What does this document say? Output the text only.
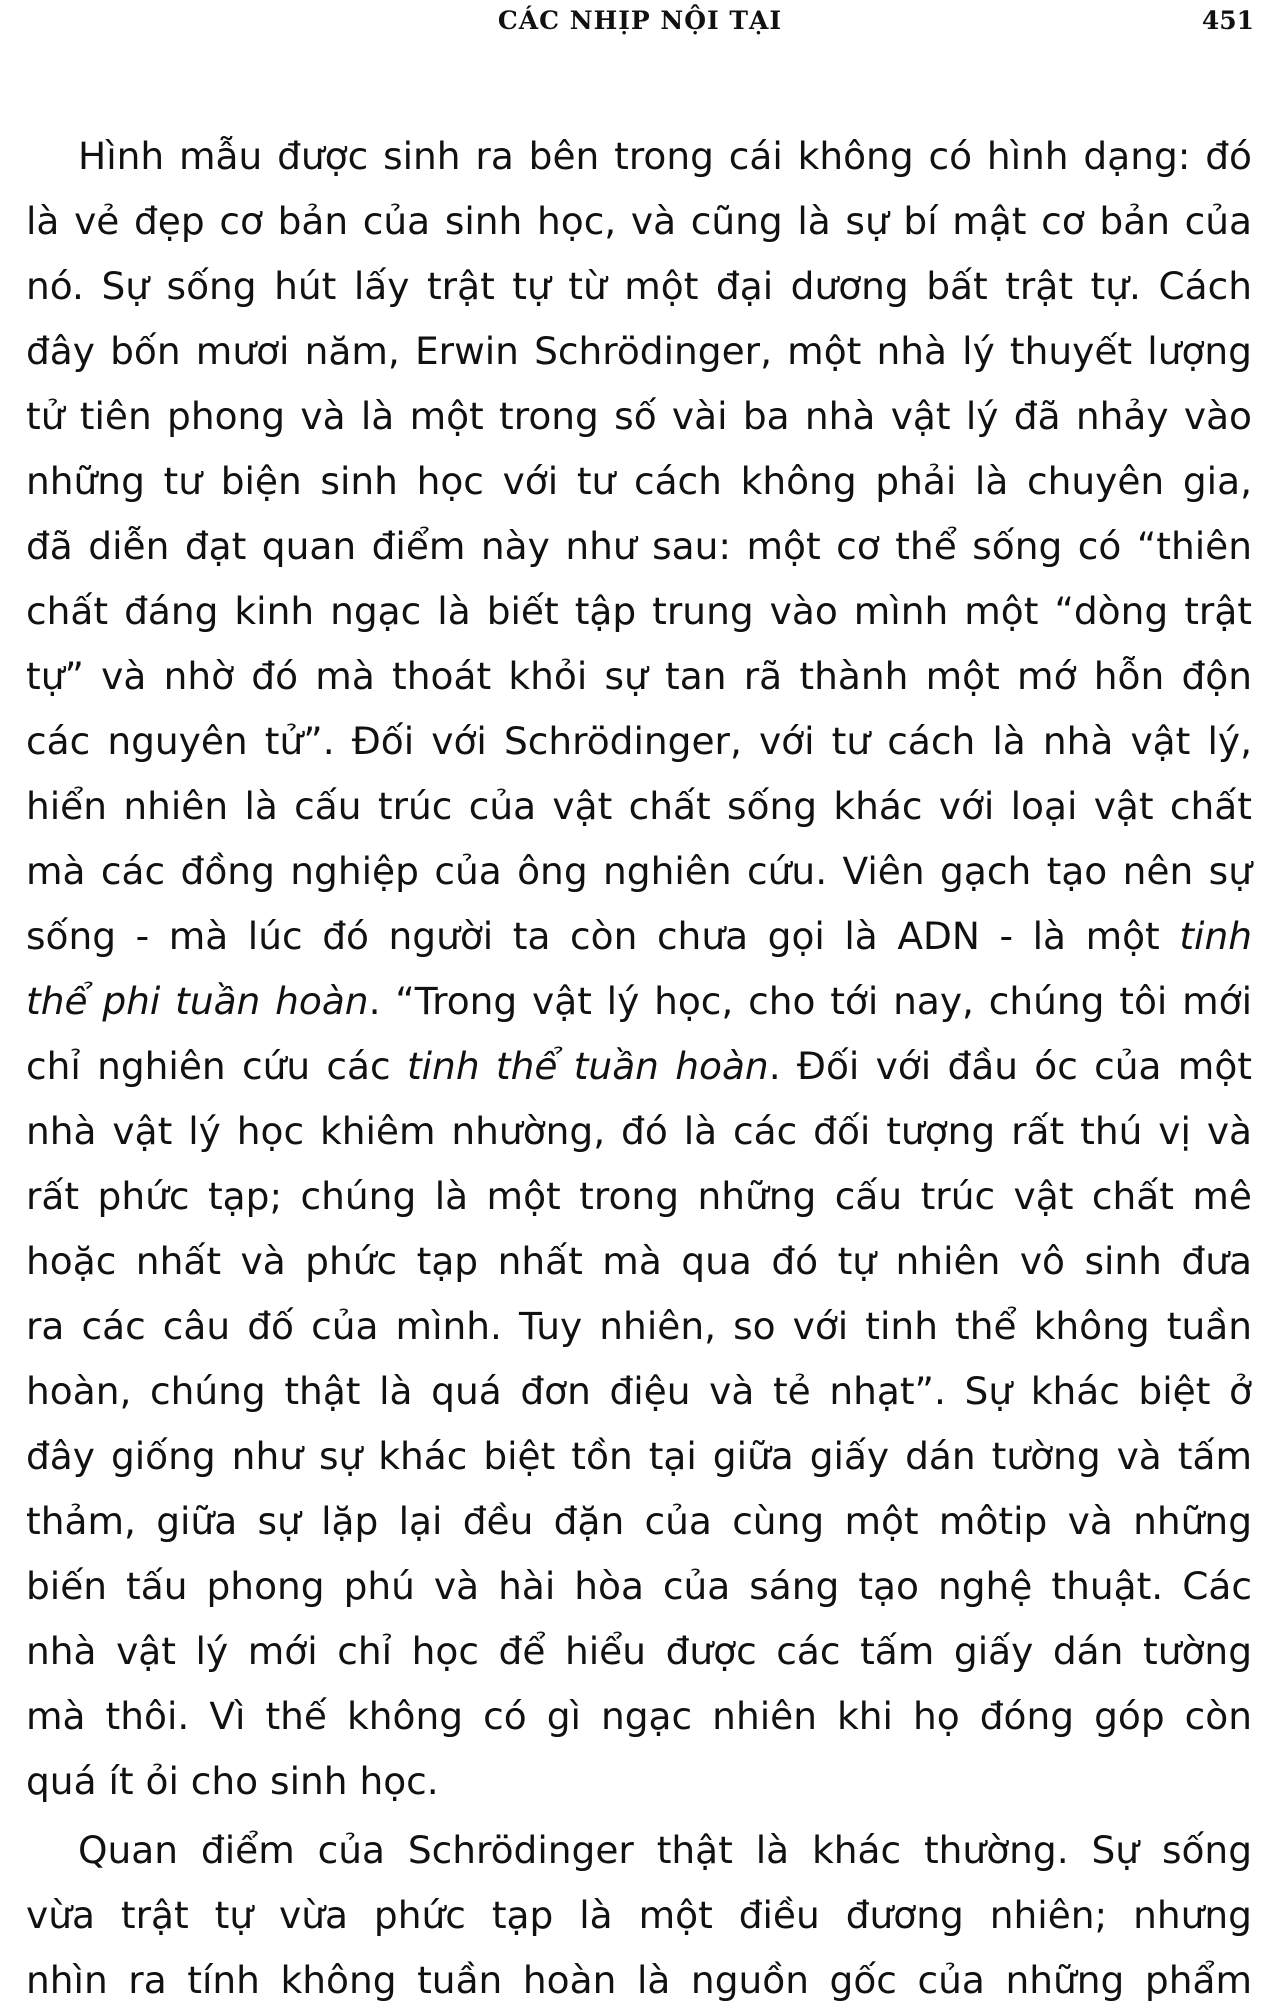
CÁC NHỊP NỘI TẠI	451
Hình mẫu được sinh ra bên trong cái không có hình dạng: đó
là vẻ đẹp cơ bản của sinh học, và cũng là sự bí mật cơ bản của
nó. Sự sống hút lấy trật tự từ một đại dương bất trật tự. Cách
đây bốn mươi năm, Erwin Schrödinger, một nhà lý thuyết lượng
tử tiên phong và là một trong số vài ba nhà vật lý đã nhảy vào
những tư biện sinh học với tư cách không phải là chuyên gia,
đã diễn đạt quan điểm này như sau: một cơ thể sống có “thiên
chất đáng kinh ngạc là biết tập trung vào mình một “dòng trật
tự” và nhờ đó mà thoát khỏi sự tan rã thành một mớ hỗn độn
các nguyên tử”. Đối với Schrödinger, với tư cách là nhà vật lý,
hiển nhiên là cấu trúc của vật chất sống khác với loại vật chất
mà các đồng nghiệp của ông nghiên cứu. Viên gạch tạo nên sự
sống - mà lúc đó người ta còn chưa gọi là ADN - là một tinh
thể phi tuần hoàn. “Trong vật lý học, cho tới nay, chúng tôi mới
chỉ nghiên cứu các tinh thể tuần hoàn. Đối với đầu óc của một
nhà vật lý học khiêm nhường, đó là các đối tượng rất thú vị và
rất phức tạp; chúng là một trong những cấu trúc vật chất mê
hoặc nhất và phức tạp nhất mà qua đó tự nhiên vô sinh đưa
ra các câu đố của mình. Tuy nhiên, so với tinh thể không tuần
hoàn, chúng thật là quá đơn điệu và tẻ nhạt”. Sự khác biệt ở
đây giống như sự khác biệt tồn tại giữa giấy dán tường và tấm
thảm, giữa sự lặp lại đều đặn của cùng một môtip và những
biến tấu phong phú và hài hòa của sáng tạo nghệ thuật. Các
nhà vật lý mới chỉ học để hiểu được các tấm giấy dán tường
mà thôi. Vì thế không có gì ngạc nhiên khi họ đóng góp còn
quá ít ỏi cho sinh học.
Quan điểm của Schrödinger thật là khác thường. Sự sống
vừa trật tự vừa phức tạp là một điều đương nhiên; nhưng
nhìn ra tính không tuần hoàn là nguồn gốc của những phẩm
